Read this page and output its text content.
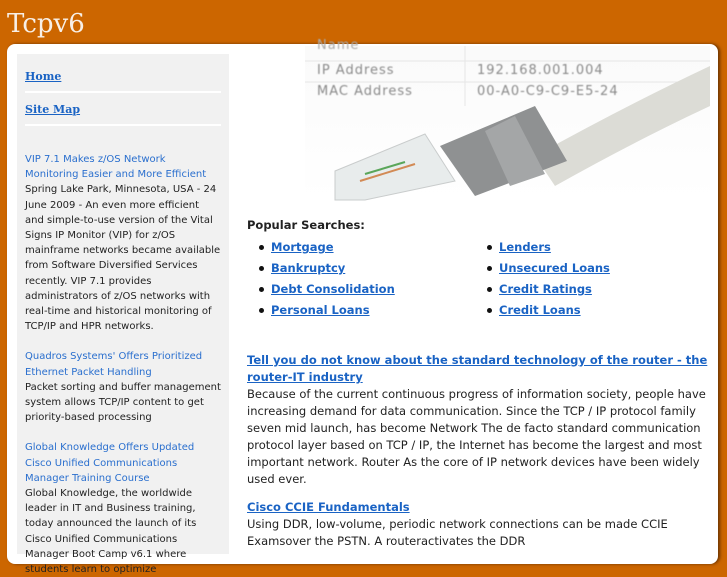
Tcpv6
Home
Site Map
VIP 7.1 Makes z/OS Network Monitoring Easier and More Efficient
Spring Lake Park, Minnesota, USA - 24 June 2009 - An even more efficient and simple-to-use version of the Vital Signs IP Monitor (VIP) for z/OS mainframe networks became available from Software Diversified Services recently. VIP 7.1 provides administrators of z/OS networks with real-time and historical monitoring of TCP/IP and HPR networks.
Quadros Systems' Offers Prioritized Ethernet Packet Handling
Packet sorting and buffer management system allows TCP/IP content to get priority-based processing
Global Knowledge Offers Updated Cisco Unified Communications Manager Training Course
Global Knowledge, the worldwide leader in IT and Business training, today announced the launch of its Cisco Unified Communications Manager Boot Camp v6.1 where students learn to optimize
Name
IP Address	192.168.001.004
MAC Address	00-A0-C9-C9-E5-24
Popular Searches:
Mortgage
Bankruptcy
Debt Consolidation
Personal Loans
Lenders
Unsecured Loans
Credit Ratings
Credit Loans
Tell you do not know about the standard technology of the router - the router-IT industry

Because of the current continuous progress of information society, people have increasing demand for data communication. Since the TCP / IP protocol family seven mid launch, has become Network The de facto standard communication protocol layer based on TCP / IP, the Internet has become the largest and most important network. Router As the core of IP network devices have been widely used ever.

Cisco CCIE Fundamentals

Using DDR, low-volume, periodic network connections can be made CCIE Examsover the PSTN. A routeractivates the DDR
